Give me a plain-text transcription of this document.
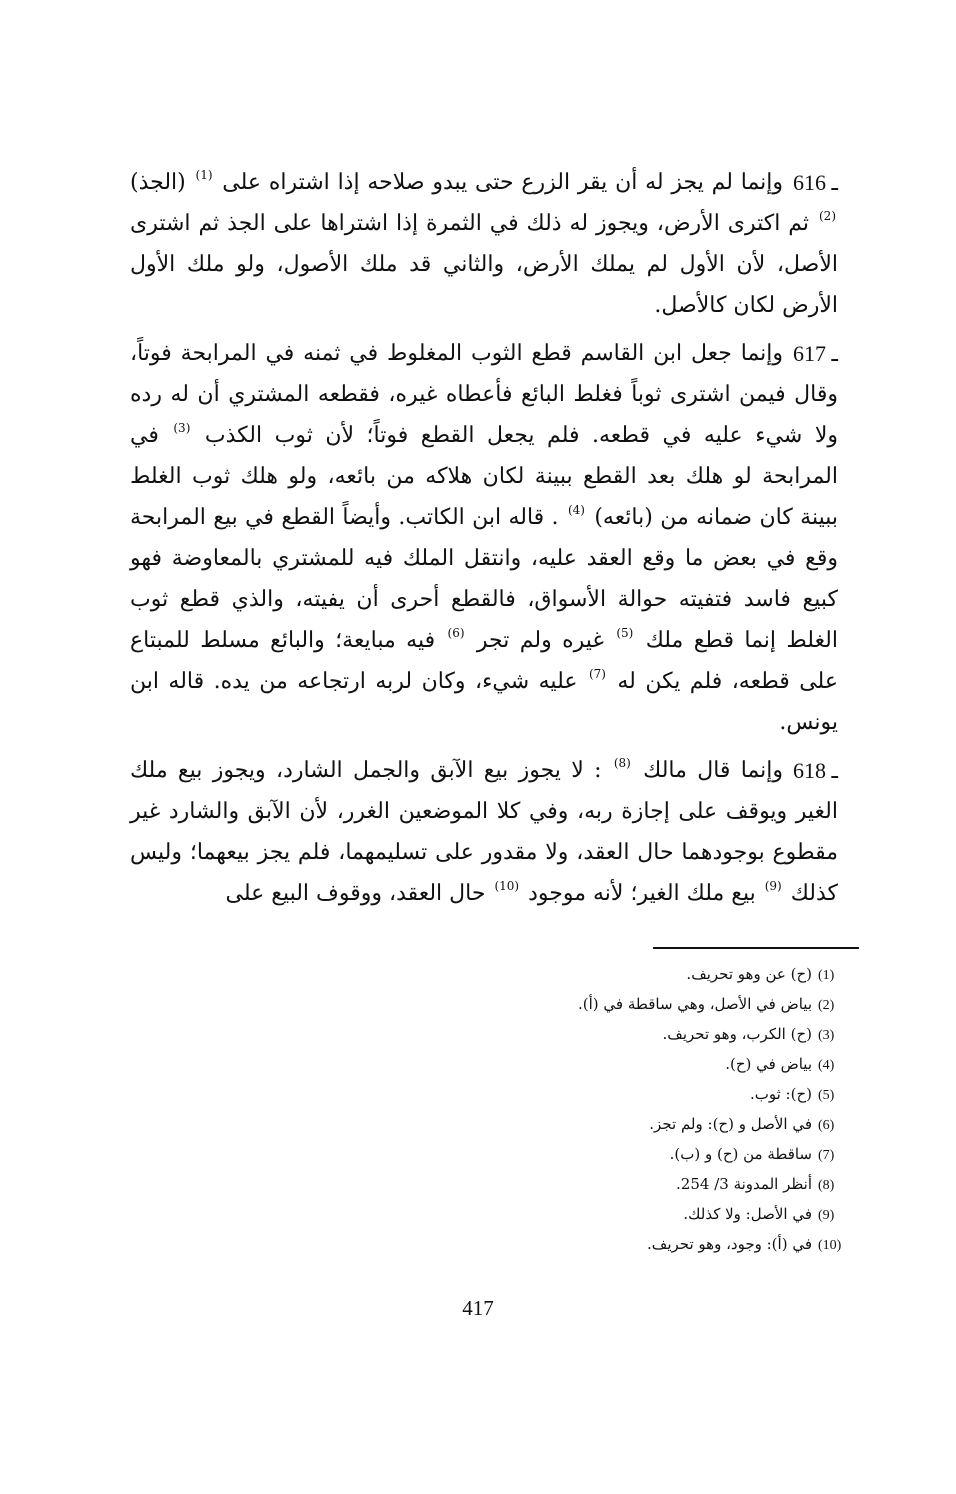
616 ـ
وإنما لم يجز له أن يقر الزرع حتى يبدو صلاحه إذا اشتراه على $^{(1)}$ (الجذ) $^{(2)}$ ثم اكترى الأرض، ويجوز له ذلك في الثمرة إذا اشتراها على الجذ ثم اشترى الأصل، لأن الأول لم يملك الأرض، والثاني قد ملك الأصول، ولو ملك الأول الأرض لكان كالأصل.

617 ـ
وإنما جعل ابن القاسم قطع الثوب المغلوط في ثمنه في المرابحة فوتاً، وقال فيمن اشترى ثوباً فغلط البائع فأعطاه غيره، فقطعه المشتري أن له رده ولا شيء عليه في قطعه. فلم يجعل القطع فوتاً؛ لأن ثوب الكذب $^{(3)}$ في المرابحة لو هلك بعد القطع ببينة لكان هلاكه من بائعه، ولو هلك ثوب الغلط ببينة كان ضمانه من (بائعه) $^{(4)}$ . قاله ابن الكاتب. وأيضاً القطع في بيع المرابحة وقع في بعض ما وقع العقد عليه، وانتقل الملك فيه للمشتري بالمعاوضة فهو كبيع فاسد فتفيته حوالة الأسواق، فالقطع أحرى أن يفيته، والذي قطع ثوب الغلط إنما قطع ملك $^{(5)}$ غيره ولم تجر $^{(6)}$ فيه مبايعة؛ والبائع مسلط للمبتاع على قطعه، فلم يكن له $^{(7)}$ عليه شيء، وكان لربه ارتجاعه من يده. قاله ابن يونس.

618 ـ
وإنما قال مالك $^{(8)}$ : لا يجوز بيع الآبق والجمل الشارد، ويجوز بيع ملك الغير ويوقف على إجازة ربه، وفي كلا الموضعين الغرر، لأن الآبق والشارد غير مقطوع بوجودهما حال العقد، ولا مقدور على تسليمهما، فلم يجز بيعهما؛ وليس كذلك $^{(9)}$ بيع ملك الغير؛ لأنه موجود $^{(10)}$ حال العقد، ووقوف البيع على

(1)(ح) عن وهو تحريف.
(2)بياض في الأصل، وهي ساقطة في (أ).
(3)(ح) الكرب، وهو تحريف.
(4)بياض في (ح).
(5)(ح): ثوب.
(6)في الأصل و (ح): ولم تجز.
(7)ساقطة من (ح) و (ب).
(8)أنظر المدونة 3/ 254.
(9)في الأصل: ولا كذلك.
(10)في (أ): وجود، وهو تحريف.
417
